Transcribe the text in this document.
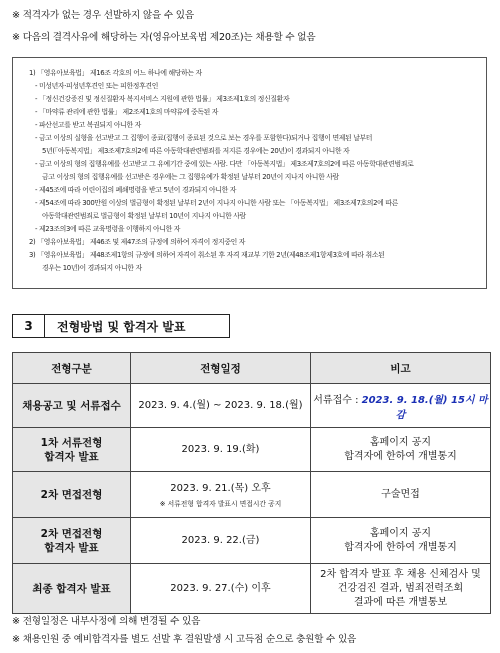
※ 적격자가 없는 경우 선발하지 않을 수 있음
※ 다음의 결격사유에 해당하는 자(영유아보육법 제20조)는 채용할 수 없음
1) 「영유아보육법」 제16조 각호의 어느 하나에 해당하는 자
- 미성년자·피성년후견인 또는 피한정후견인
- 「정신건강증진 및 정신질환자 복지서비스 지원에 관한 법률」 제3조제1호의 정신질환자
- 「마약류 관리에 관한 법률」 제2조제1호의 마약류에 중독된 자
- 파산선고를 받고 복권되지 아니한 자
- 금고 이상의 실형을 선고받고 그 집행이 종료(집행이 종료된 것으로 보는 경우를 포함한다)되거나 집행이 면제된 날부터
5년(「아동복지법」 제3조제7호의2에 따른 아동학대관련범죄를 저지른 경우에는 20년)이 경과되지 아니한 자
- 금고 이상의 형의 집행유예를 선고받고 그 유예기간 중에 있는 사람. 다만 「아동복지법」 제3조제7호의2에 따른 아동학대관련범죄로
금고 이상의 형의 집행유예를 선고받은 경우에는 그 집행유예가 확정된 날부터 20년이 지나지 아니한 사람
- 제45조에 따라 어린이집의 폐쇄명령을 받고 5년이 경과되지 아니한 자
- 제54조에 따라 300만원 이상의 벌금형이 확정된 날부터 2년이 지나지 아니한 사람 또는 「아동복지법」 제3조제7호의2에 따른
아동학대관련범죄로 벌금형이 확정된 날부터 10년이 지나지 아니한 사람
- 제23조의3에 따른 교육명령을 이행하지 아니한 자
2) 「영유아보육법」 제46조 및 제47조의 규정에 의하여 자격이 정지중인 자
3) 「영유아보육법」 제48조제1항의 규정에 의하여 자격이 취소된 후 자격 재교부 기한 2년(제48조제1항제3호에 따라 취소된
경우는 10년)이 경과되지 아니한 자
3	전형방법 및 합격자 발표
전형구분	전형일정	비고

채용공고 및 서류접수	2023. 9. 4.(월) ~ 2023. 9. 18.(월)	서류접수 : 2023. 9. 18.(월) 15시 마감

1차 서류전형
합격자 발표	2023. 9. 19.(화)	홈페이지 공지
합격자에 한하여 개별통지

2차 면접전형	2023. 9. 21.(목) 오후
※ 서류전형 합격자 발표시 면접시간 공지	구술면접

2차 면접전형
합격자 발표	2023. 9. 22.(금)	홈페이지 공지
합격자에 한하여 개별통지

최종 합격자 발표	2023. 9. 27.(수) 이후	2차 합격자 발표 후 채용 신체검사 및
건강검진 결과, 범죄전력조회
결과에 따른 개별통보
※ 전형일정은 내부사정에 의해 변경될 수 있음
※ 채용인원 중 예비합격자를 별도 선발 후 결원발생 시 고득점 순으로 충원할 수 있음
